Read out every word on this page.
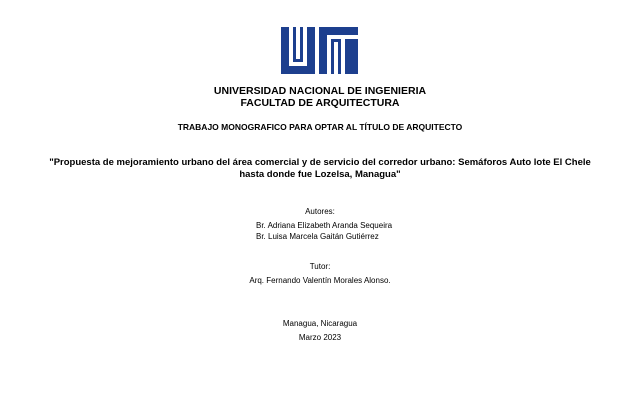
UNIVERSIDAD NACIONAL DE INGENIERIA
FACULTAD DE ARQUITECTURA
TRABAJO MONOGRAFICO PARA OPTAR AL TÍTULO DE ARQUITECTO
"Propuesta de mejoramiento urbano del área comercial y de servicio del corredor urbano: Semáforos Auto lote El Chele
hasta donde fue Lozelsa, Managua"
Autores:
Br. Adriana Elizabeth Aranda Sequeira
Br. Luisa Marcela Gaitán Gutiérrez
Tutor:
Arq. Fernando Valentín Morales Alonso.
Managua, Nicaragua
Marzo 2023
